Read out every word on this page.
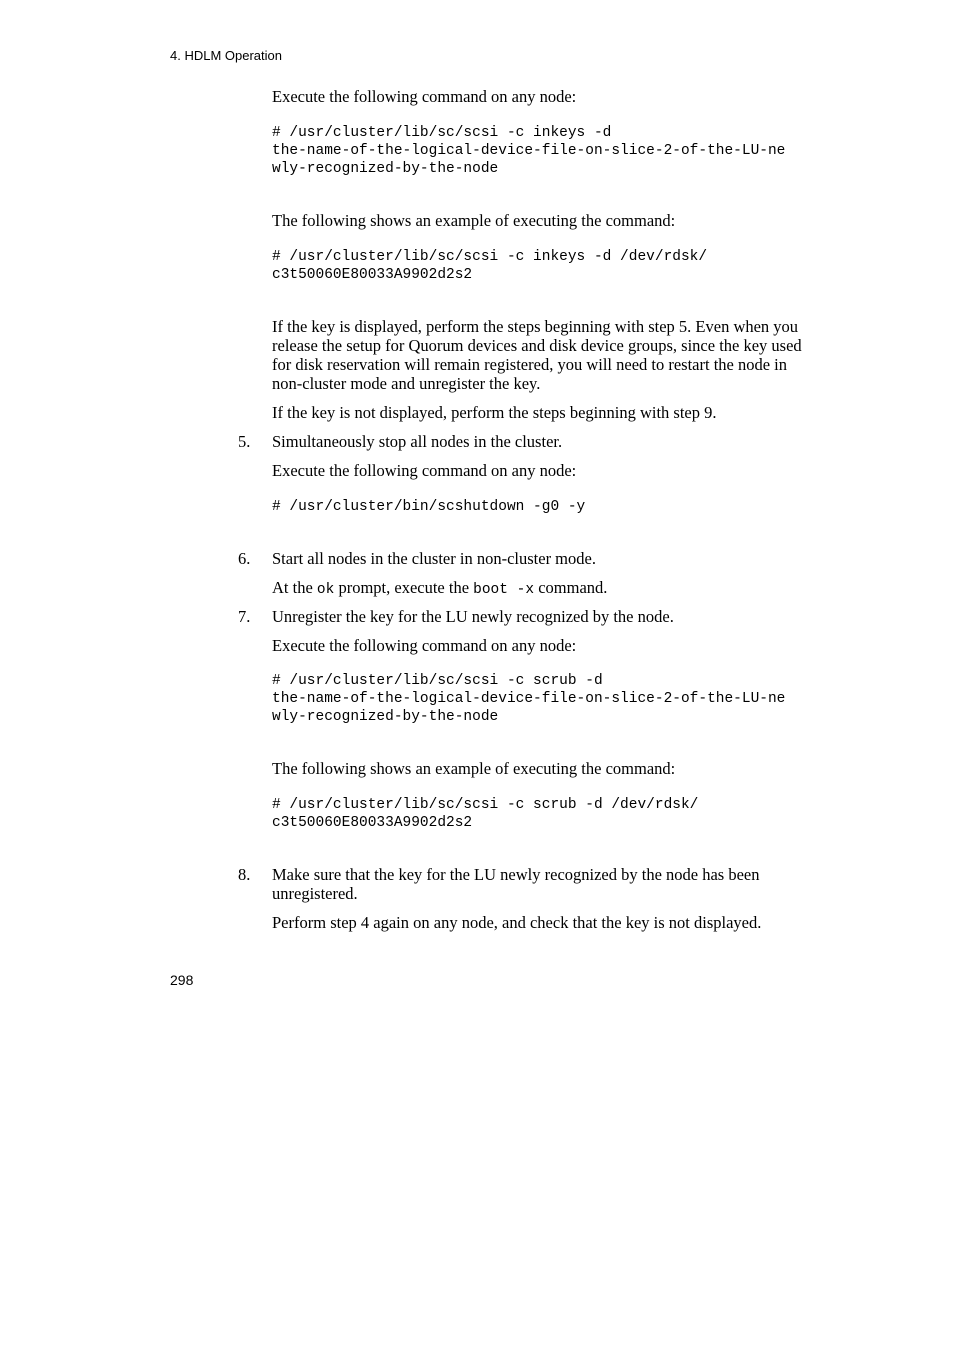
4. HDLM Operation
Execute the following command on any node:
# /usr/cluster/lib/sc/scsi -c inkeys -d
the-name-of-the-logical-device-file-on-slice-2-of-the-LU-ne
wly-recognized-by-the-node
The following shows an example of executing the command:
# /usr/cluster/lib/sc/scsi -c inkeys -d /dev/rdsk/
c3t50060E80033A9902d2s2
If the key is displayed, perform the steps beginning with step 5. Even when you
release the setup for Quorum devices and disk device groups, since the key used
for disk reservation will remain registered, you will need to restart the node in
non-cluster mode and unregister the key.
If the key is not displayed, perform the steps beginning with step 9.
5. Simultaneously stop all nodes in the cluster.
Execute the following command on any node:
# /usr/cluster/bin/scshutdown -g0 -y
6. Start all nodes in the cluster in non-cluster mode.
At the ok prompt, execute the boot -x command.
7. Unregister the key for the LU newly recognized by the node.
Execute the following command on any node:
# /usr/cluster/lib/sc/scsi -c scrub -d
the-name-of-the-logical-device-file-on-slice-2-of-the-LU-ne
wly-recognized-by-the-node
The following shows an example of executing the command:
# /usr/cluster/lib/sc/scsi -c scrub -d /dev/rdsk/
c3t50060E80033A9902d2s2
8. Make sure that the key for the LU newly recognized by the node has been
unregistered.
Perform step 4 again on any node, and check that the key is not displayed.
298
